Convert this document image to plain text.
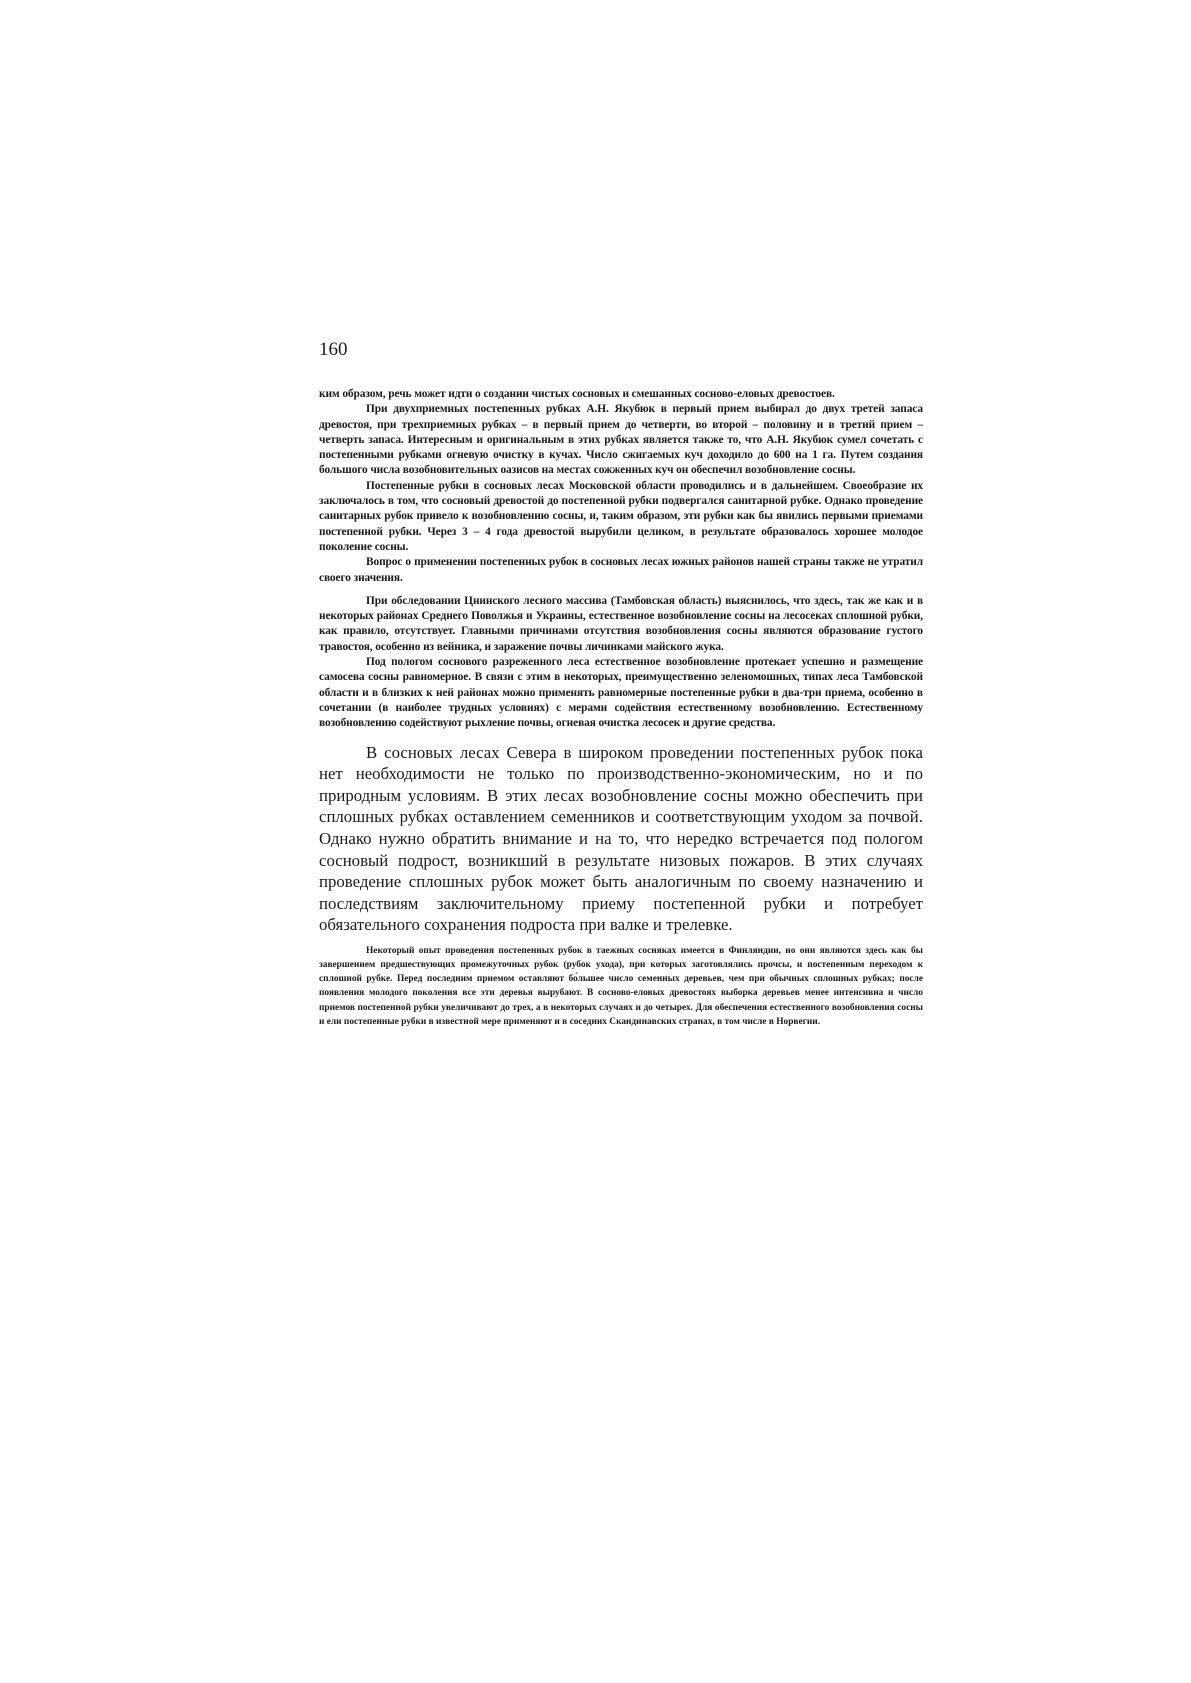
160

ким образом, речь может идти о создании чистых сосновых и смешанных сосново-еловых древостоев.

При двухприемных постепенных рубках А.Н. Якубюк в первый прием выбирал до двух третей запаса древостоя, при трехприемных рубках – в первый прием до четверти, во второй – половину и в третий прием – четверть запаса. Интересным и оригинальным в этих рубках является также то, что А.Н. Якубюк сумел сочетать с постепенными рубками огневую очистку в кучах. Число сжигаемых куч доходило до 600 на 1 га. Путем создания большого числа возобновительных оазисов на местах сожженных куч он обеспечил возобновление сосны.

Постепенные рубки в сосновых лесах Московской области проводились и в дальнейшем. Своеобразие их заключалось в том, что сосновый древостой до постепенной рубки подвергался санитарной рубке. Однако проведение санитарных рубок привело к возобновлению сосны, и, таким образом, эти рубки как бы явились первыми приемами постепенной рубки. Через 3 – 4 года древостой вырубили целиком, в результате образовалось хорошее молодое поколение сосны.

Вопрос о применении постепенных рубок в сосновых лесах южных районов нашей страны также не утратил своего значения.

При обследовании Цнинского лесного массива (Тамбовская область) выяснилось, что здесь, так же как и в некоторых районах Среднего Поволжья и Украины, естественное возобновление сосны на лесосеках сплошной рубки, как правило, отсутствует. Главными причинами отсутствия возобновления сосны являются образование густого травостоя, особенно из вейника, и заражение почвы личинками майского жука.

Под пологом соснового разреженного леса естественное возобновление протекает успешно и размещение самосева сосны равномерное. В связи с этим в некоторых, преимущественно зеленомошных, типах леса Тамбовской области и в близких к ней районах можно применять равномерные постепенные рубки в два-три приема, особенно в сочетании (в наиболее трудных условиях) с мерами содействия естественному возобновлению. Естественному возобновлению содействуют рыхление почвы, огневая очистка лесосек и другие средства.

В сосновых лесах Севера в широком проведении постепенных рубок пока нет необходимости не только по производственно-экономическим, но и по природным условиям. В этих лесах возобновление сосны можно обеспечить при сплошных рубках оставлением семенников и соответствующим уходом за почвой. Однако нужно обратить внимание и на то, что нередко встречается под пологом сосновый подрост, возникший в результате низовых пожаров. В этих случаях проведение сплошных рубок может быть аналогичным по своему назначению и последствиям заключительному приему постепенной рубки и потребует обязательного сохранения подроста при валке и трелевке.

Некоторый опыт проведения постепенных рубок в таежных сосняках имеется в Финляндии, но они являются здесь как бы завершением предшествующих промежуточных рубок (рубок ухода), при которых заготовлялись прочсы, и постепенным переходом к сплошной рубке. Перед последним приемом оставляют бо́льшее число семенных деревьев, чем при обычных сплошных рубках; после появления молодого поколения все эти деревья вырубают. В сосново-еловых древостоях выборка деревьев менее интенсивна и число приемов постепенной рубки увеличивают до трех, а в некоторых случаях и до четырех. Для обеспечения естественного возобновления сосны и ели постепенные рубки в известной мере применяют и в соседних Скандинавских странах, в том числе в Норвегии.
